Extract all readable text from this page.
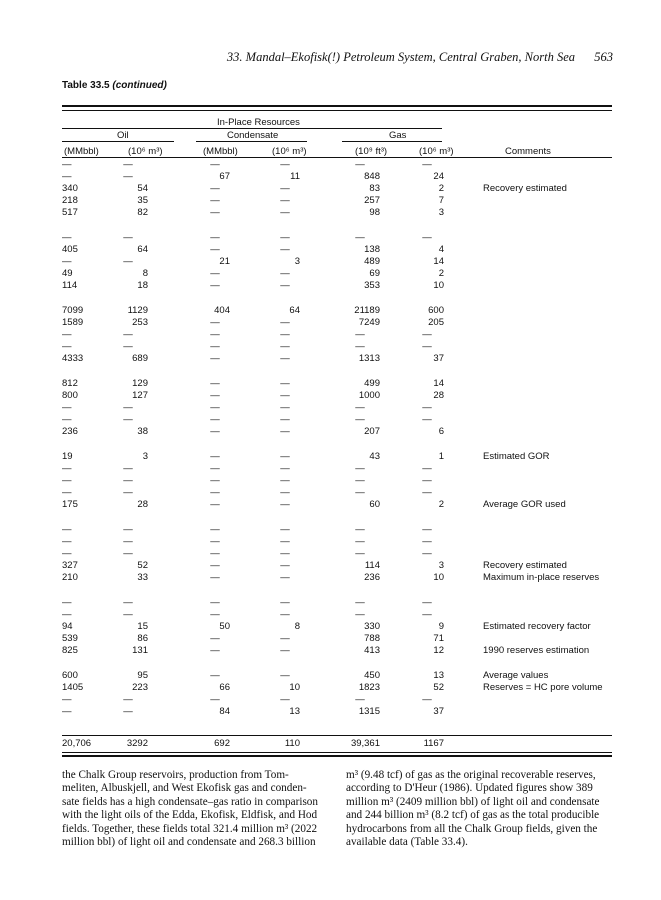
33. Mandal–Ekofisk(!) Petroleum System, Central Graben, North Sea 563
Table 33.5 (continued)
In-Place Resources
Oil	Condensate	Gas
(MMbbl)	(10⁶ m³)	(MMbbl)	(10⁶ m³)	(10⁹ ft³)	(10⁶ m³)	Comments
—	—	—	—	—	—
—	—	67	11	848	24
340	54	—	—	83	2	Recovery estimated
218	35	—	—	257	7
517	82	—	—	98	3
—	—	—	—	—	—
405	64	—	—	138	4
—	—	21	3	489	14
49	8	—	—	69	2
114	18	—	—	353	10
7099	1129	404	64	21189	600
1589	253	—	—	7249	205
—	—	—	—	—	—
—	—	—	—	—	—
4333	689	—	—	1313	37
812	129	—	—	499	14
800	127	—	—	1000	28
—	—	—	—	—	—
—	—	—	—	—	—
236	38	—	—	207	6
19	3	—	—	43	1	Estimated GOR
—	—	—	—	—	—
—	—	—	—	—	—
—	—	—	—	—	—
175	28	—	—	60	2	Average GOR used
—	—	—	—	—	—
—	—	—	—	—	—
—	—	—	—	—	—
327	52	—	—	114	3	Recovery estimated
210	33	—	—	236	10	Maximum in-place reserves
—	—	—	—	—	—
—	—	—	—	—	—
94	15	50	8	330	9	Estimated recovery factor
539	86	—	—	788	71
825	131	—	—	413	12	1990 reserves estimation
600	95	—	—	450	13	Average values
1405	223	66	10	1823	52	Reserves = HC pore volume
—	—	—	—	—	—
—	—	84	13	1315	37
20,706	3292	692	110	39,361	1167
the Chalk Group reservoirs, production from Tom-
meliten, Albuskjell, and West Ekofisk gas and conden-
sate fields has a high condensate–gas ratio in comparison
with the light oils of the Edda, Ekofisk, Eldfisk, and Hod
fields. Together, these fields total 321.4 million m³ (2022
million bbl) of light oil and condensate and 268.3 billion
m³ (9.48 tcf) of gas as the original recoverable reserves,
according to D'Heur (1986). Updated figures show 389
million m³ (2409 million bbl) of light oil and condensate
and 244 billion m³ (8.2 tcf) of gas as the total producible
hydrocarbons from all the Chalk Group fields, given the
available data (Table 33.4).
